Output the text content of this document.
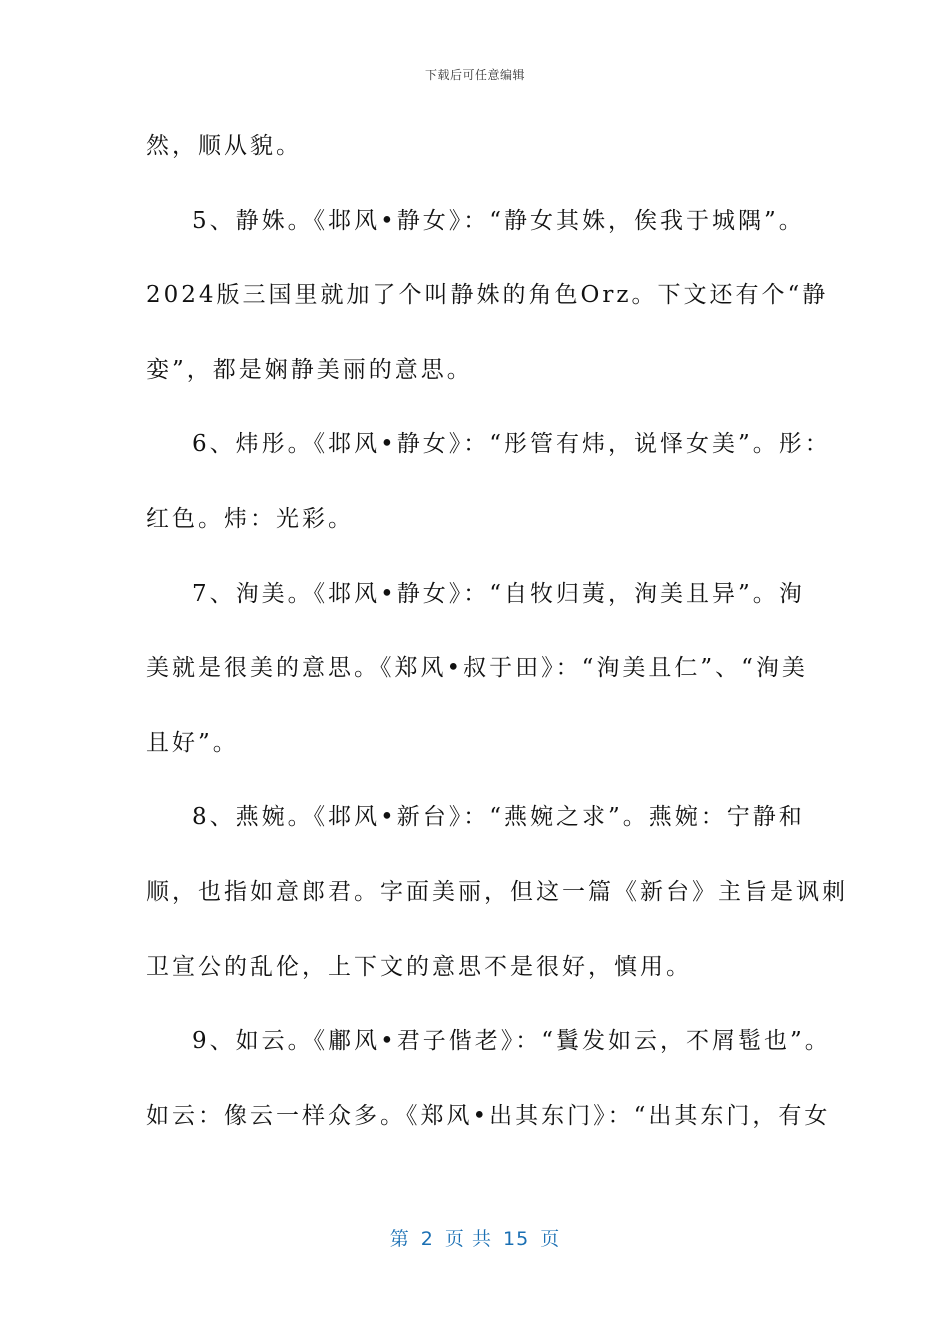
下载后可任意编辑
然，顺从貌。
5、静姝。《邶风•静女》：“静女其姝，俟我于城隅”。
2024版三国里就加了个叫静姝的角色Orz。下文还有个“静
娈”，都是娴静美丽的意思。
6、炜彤。《邶风•静女》：“彤管有炜，说怿女美”。彤：
红色。炜：光彩。
7、洵美。《邶风•静女》：“自牧归荑，洵美且异”。洵
美就是很美的意思。《郑风•叔于田》：“洵美且仁”、“洵美
且好”。
8、燕婉。《邶风•新台》：“燕婉之求”。燕婉：宁静和
顺，也指如意郎君。字面美丽，但这一篇《新台》主旨是讽刺
卫宣公的乱伦，上下文的意思不是很好，慎用。
9、如云。《鄘风•君子偕老》：“鬒发如云，不屑髢也”。
如云：像云一样众多。《郑风•出其东门》：“出其东门，有女
第 2 页 共 15 页
